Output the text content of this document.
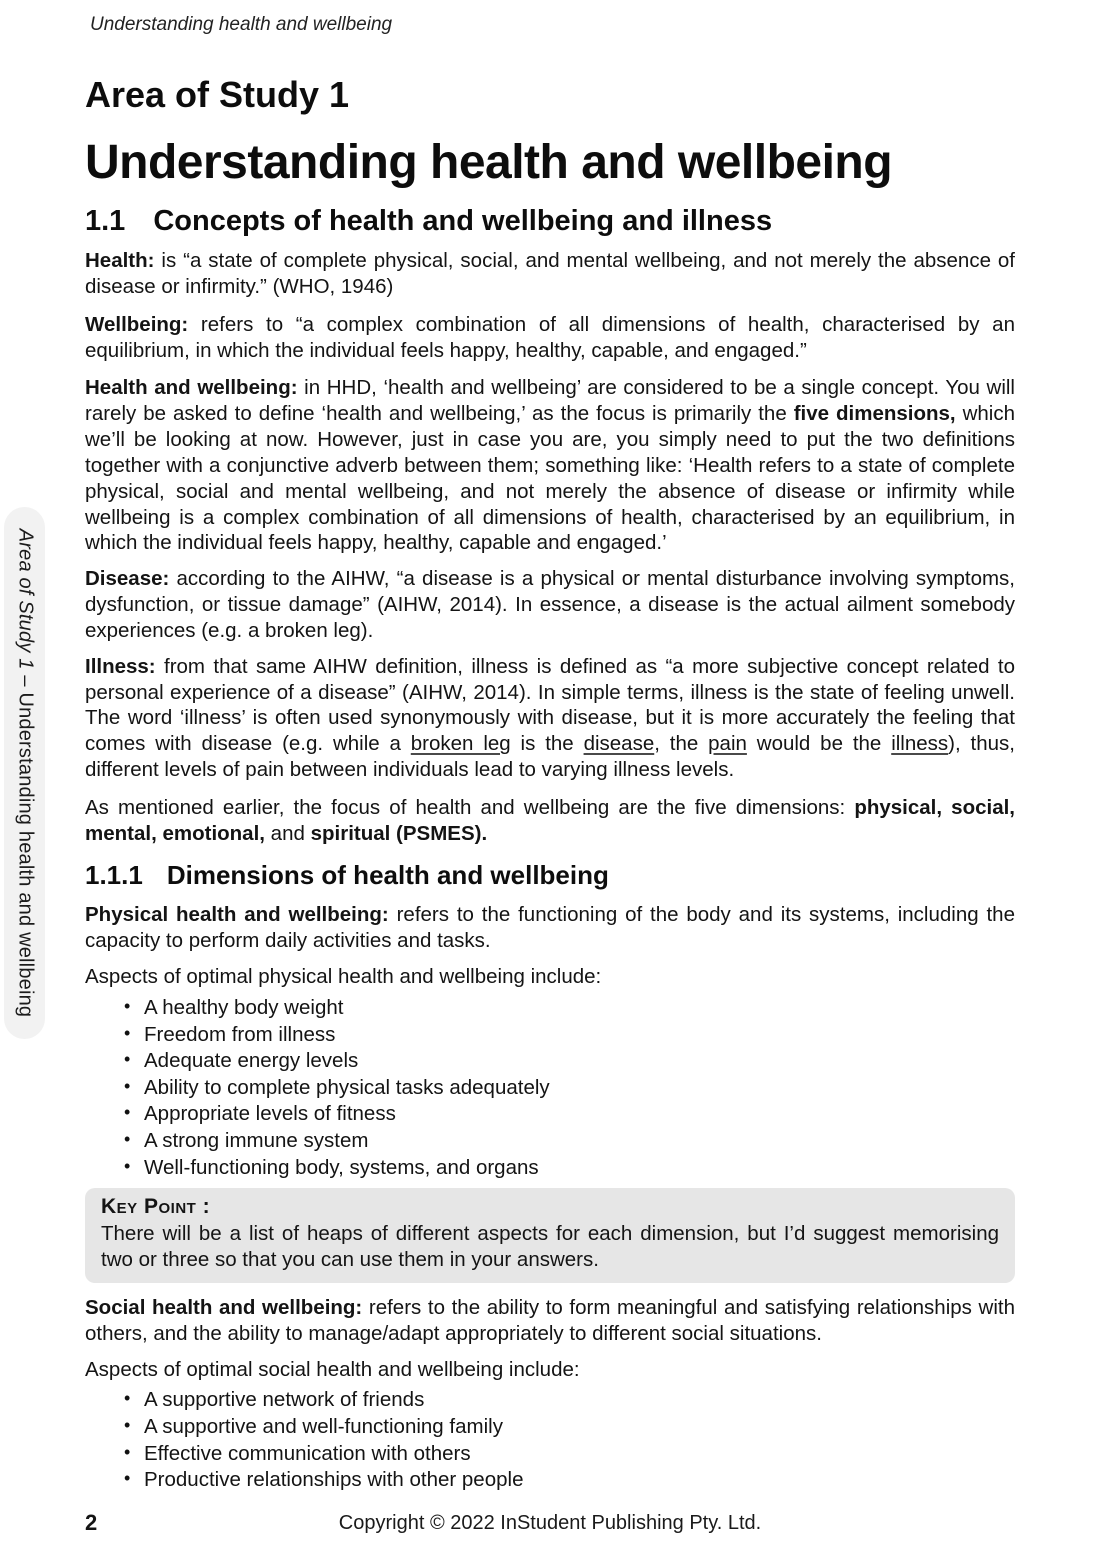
Understanding health and wellbeing
Area of Study 1 – Understanding health and wellbeing
Area of Study 1
Understanding health and wellbeing
1.1 Concepts of health and wellbeing and illness

Health: is “a state of complete physical, social, and mental wellbeing, and not merely the absence of disease or infirmity.” (WHO, 1946)

Wellbeing: refers to “a complex combination of all dimensions of health, characterised by an equilibrium, in which the individual feels happy, healthy, capable, and engaged.”

Health and wellbeing: in HHD, ‘health and wellbeing’ are considered to be a single concept. You will rarely be asked to define ‘health and wellbeing,’ as the focus is primarily the five dimensions, which we’ll be looking at now. However, just in case you are, you simply need to put the two definitions together with a conjunctive adverb between them; something like: ‘Health refers to a state of complete physical, social and mental wellbeing, and not merely the absence of disease or infirmity while wellbeing is a complex combination of all dimensions of health, characterised by an equilibrium, in which the individual feels happy, healthy, capable and engaged.’

Disease: according to the AIHW, “a disease is a physical or mental disturbance involving symptoms, dysfunction, or tissue damage” (AIHW, 2014). In essence, a disease is the actual ailment somebody experiences (e.g. a broken leg).

Illness: from that same AIHW definition, illness is defined as “a more subjective concept related to personal experience of a disease” (AIHW, 2014). In simple terms, illness is the state of feeling unwell. The word ‘illness’ is often used synonymously with disease, but it is more accurately the feeling that comes with disease (e.g. while a broken leg is the disease, the pain would be the illness), thus, different levels of pain between individuals lead to varying illness levels.

As mentioned earlier, the focus of health and wellbeing are the five dimensions: physical, social, mental, emotional, and spiritual (PSMES).

1.1.1 Dimensions of health and wellbeing

Physical health and wellbeing: refers to the functioning of the body and its systems, including the capacity to perform daily activities and tasks.

Aspects of optimal physical health and wellbeing include:

• A healthy body weight
• Freedom from illness
• Adequate energy levels
• Ability to complete physical tasks adequately
• Appropriate levels of fitness
• A strong immune system
• Well-functioning body, systems, and organs
Key Point :

There will be a list of heaps of different aspects for each dimension, but I’d suggest memorising two or three so that you can use them in your answers.

Social health and wellbeing: refers to the ability to form meaningful and satisfying relationships with others, and the ability to manage/adapt appropriately to different social situations.

Aspects of optimal social health and wellbeing include:

• A supportive network of friends
• A supportive and well-functioning family
• Effective communication with others
• Productive relationships with other people
2	Copyright © 2022 InStudent Publishing Pty. Ltd.
